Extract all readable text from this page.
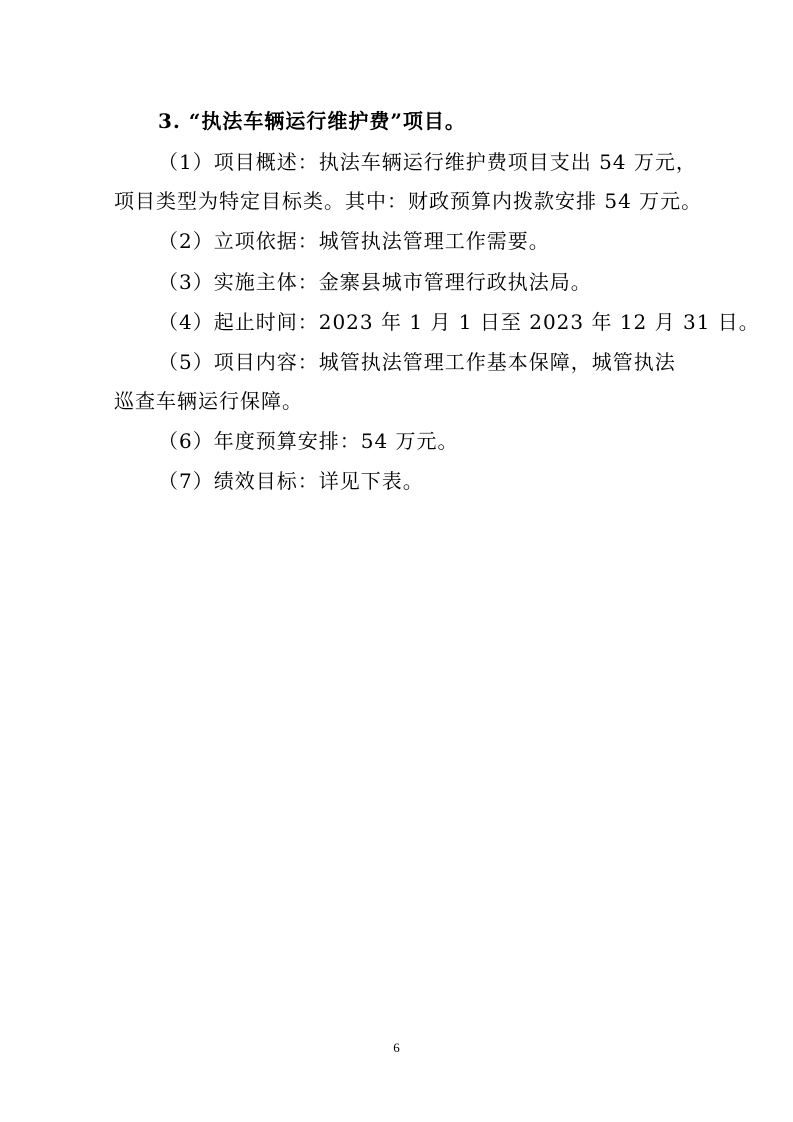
3. “执法车辆运行维护费”项目。
（1）项目概述：执法车辆运行维护费项目支出 54 万元，
项目类型为特定目标类。其中：财政预算内拨款安排 54 万元。
（2）立项依据：城管执法管理工作需要。
（3）实施主体：金寨县城市管理行政执法局。
（4）起止时间：2023 年 1 月 1 日至 2023 年 12 月 31 日。
（5）项目内容：城管执法管理工作基本保障，城管执法
巡查车辆运行保障。
（6）年度预算安排：54 万元。
（7）绩效目标：详见下表。
6
